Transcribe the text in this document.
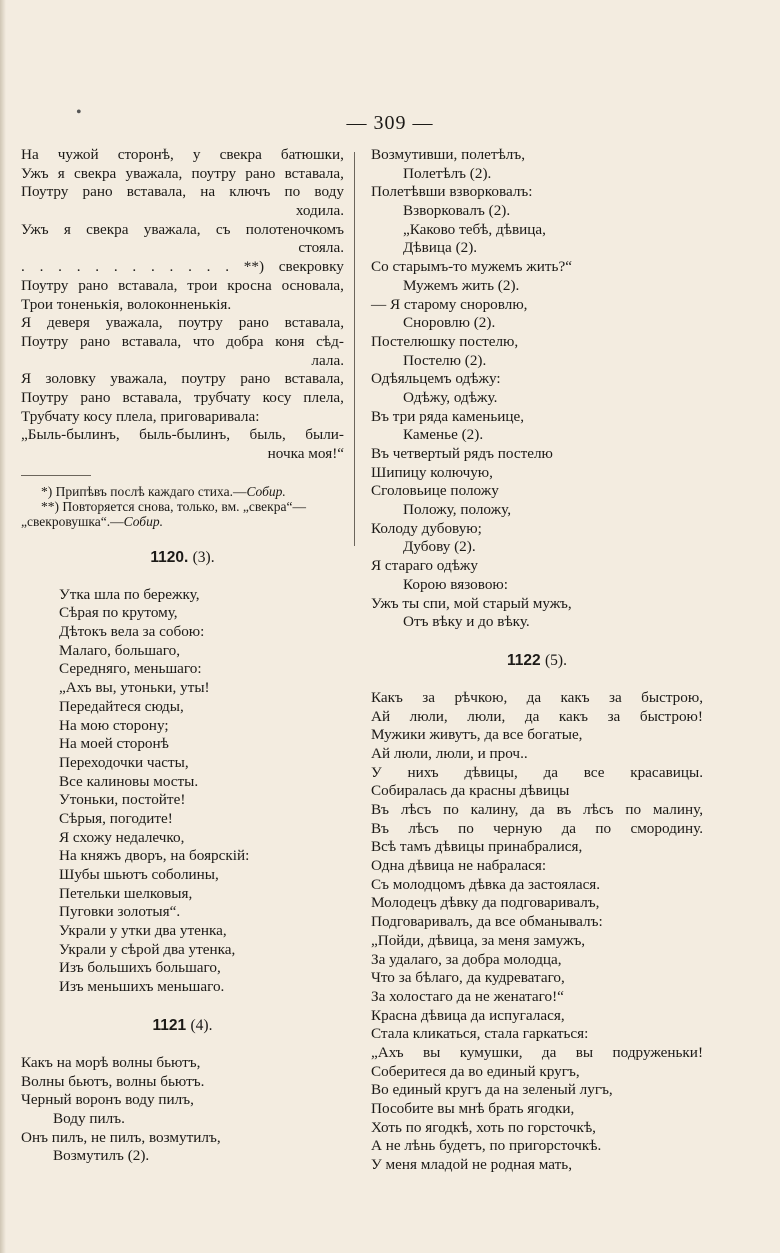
•	— 309 —
На чужой сторонѣ, у свекра батюшки,
Ужъ я свекра уважала, поутру рано вставала,
Поутру рано вставала, на ключъ по воду
ходила.
Ужъ я свекра уважала, съ полотеночкомъ
стояла.
. . . . . . . . . . . . **) свекровку
Поутру рано вставала, трои кросна основала,
Трои тоненькія, волоконненькія.
Я деверя уважала, поутру рано вставала,
Поутру рано вставала, что добра коня сѣд-
лала.
Я золовку уважала, поутру рано вставала,
Поутру рано вставала, трубчату косу плела,
Трубчату косу плела, приговаривала:
„Быль-былинъ, быль-былинъ, быль, были-
ночка моя!“
*) Припѣвъ послѣ каждаго стиха.—Собир.
**) Повторяется снова, только, вм. „свекра“—
„свекровушка“.—Собир.
1120. (3).
Утка шла по бережку,
Сѣрая по крутому,
Дѣтокъ вела за собою:
Малаго, большаго,
Середняго, меньшаго:
„Ахъ вы, утоньки, уты!
Передайтеся сюды,
На мою сторону;
На моей сторонѣ
Переходочки часты,
Все калиновы мосты.
Утоньки, постойте!
Сѣрыя, погодите!
Я схожу недалечко,
На княжъ дворъ, на боярскій:
Шубы шьютъ соболины,
Петельки шелковыя,
Пуговки золотыя“.
Украли у утки два утенка,
Украли у сѣрой два утенка,
Изъ большихъ большаго,
Изъ меньшихъ меньшаго.
1121 (4).
Какъ на морѣ волны бьютъ,
Волны бьютъ, волны бьютъ.
Черный воронъ воду пилъ,
Воду пилъ.
Онъ пилъ, не пилъ, возмутилъ,
Возмутилъ (2).
Возмутивши, полетѣлъ,
Полетѣлъ (2).
Полетѣвши взворковалъ:
Взворковалъ (2).
„Каково тебѣ, дѣвица,
Дѣвица (2).
Со старымъ-то мужемъ жить?“
Мужемъ жить (2).
— Я старому сноровлю,
Сноровлю (2).
Постелюшку постелю,
Постелю (2).
Одѣяльцемъ одѣжу:
Одѣжу, одѣжу.
Въ три ряда каменьице,
Каменье (2).
Въ четвертый рядъ постелю
Шипицу колючую,
Сголовьице положу
Положу, положу,
Колоду дубовую;
Дубову (2).
Я стараго одѣжу
Корою вязовою:
Ужъ ты спи, мой старый мужъ,
Отъ вѣку и до вѣку.
1122 (5).
Какъ за рѣчкою, да какъ за быстрою,
Ай люли, люли, да какъ за быстрою!
Мужики живутъ, да все богатые,
Ай люли, люли, и проч..
У нихъ дѣвицы, да все красавицы.
Собиралась да красны дѣвицы
Въ лѣсъ по калину, да въ лѣсъ по малину,
Въ лѣсъ по черную да по смородину.
Всѣ тамъ дѣвицы принабралися,
Одна дѣвица не набралася:
Съ молодцомъ дѣвка да застоялася.
Молодецъ дѣвку да подговаривалъ,
Подговаривалъ, да все обманывалъ:
„Пойди, дѣвица, за меня замужъ,
За удалаго, за добра молодца,
Что за бѣлаго, да кудреватаго,
За холостаго да не женатаго!“
Красна дѣвица да испугалася,
Стала кликаться, стала гаркаться:
„Ахъ вы кумушки, да вы подруженьки!
Соберитеся да во единый кругъ,
Во единый кругъ да на зеленый лугъ,
Пособите вы мнѣ брать ягодки,
Хоть по ягодкѣ, хоть по горсточкѣ,
А не лѣнь будетъ, по пригорсточкѣ.
У меня младой не родная мать,
